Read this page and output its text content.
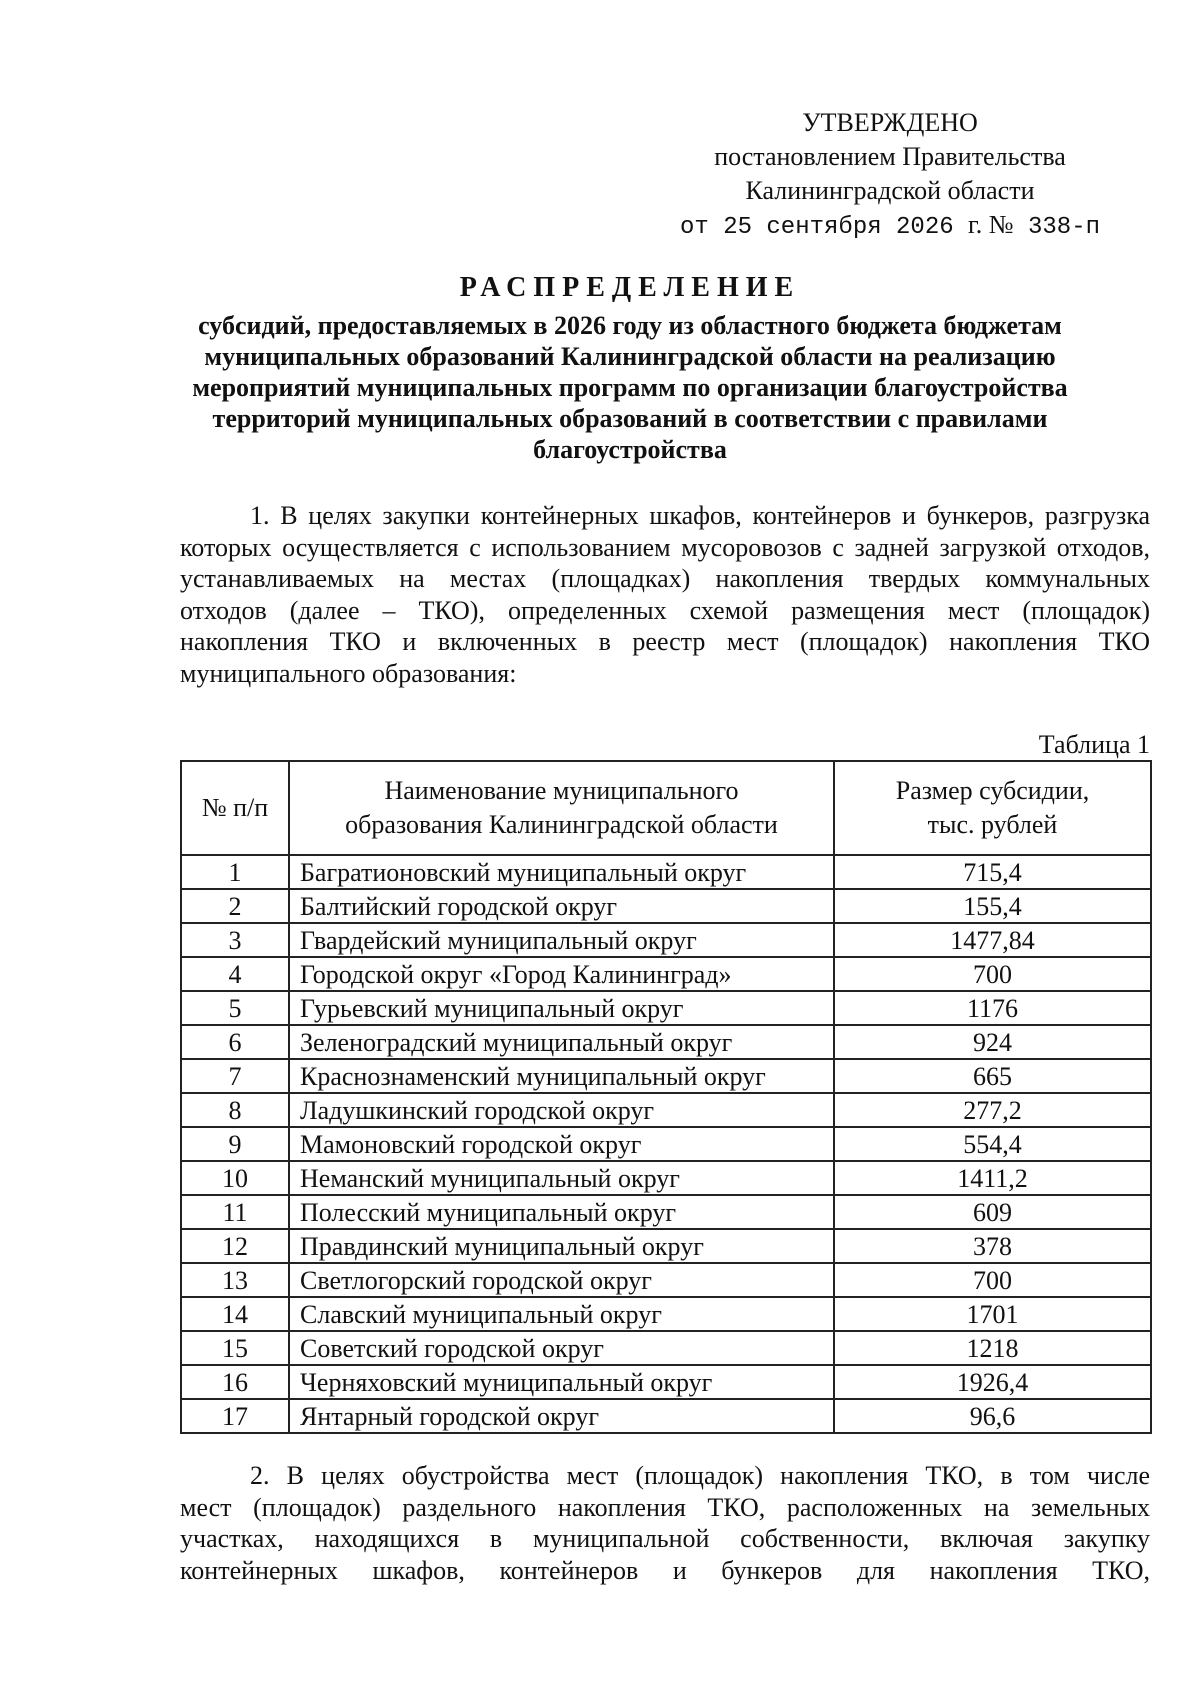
УТВЕРЖДЕНО
постановлением Правительства
Калининградской области
от 25 сентября 2026 г. № 338-п
РАСПРЕДЕЛЕНИЕ
субсидий, предоставляемых в 2026 году из областного бюджета бюджетам
муниципальных образований Калининградской области на реализацию
мероприятий муниципальных программ по организации благоустройства
территорий муниципальных образований в соответствии с правилами
благоустройства
1. В целях закупки контейнерных шкафов, контейнеров и бункеров, разгрузка
которых осуществляется с использованием мусоровозов с задней загрузкой отходов,
устанавливаемых на местах (площадках) накопления твердых коммунальных
отходов (далее – ТКО), определенных схемой размещения мест (площадок)
накопления ТКО и включенных в реестр мест (площадок) накопления ТКО
муниципального образования:
Таблица 1
№ п/п	Наименование муниципального образования Калининградской области	Размер субсидии, тыс. рублей
1	Багратионовский муниципальный округ	715,4
2	Балтийский городской округ	155,4
3	Гвардейский муниципальный округ	1477,84
4	Городской округ «Город Калининград»	700
5	Гурьевский муниципальный округ	1176
6	Зеленоградский муниципальный округ	924
7	Краснознаменский муниципальный округ	665
8	Ладушкинский городской округ	277,2
9	Мамоновский городской округ	554,4
10	Неманский муниципальный округ	1411,2
11	Полесский муниципальный округ	609
12	Правдинский муниципальный округ	378
13	Светлогорский городской округ	700
14	Славский муниципальный округ	1701
15	Советский городской округ	1218
16	Черняховский муниципальный округ	1926,4
17	Янтарный городской округ	96,6
2. В целях обустройства мест (площадок) накопления ТКО, в том числе
мест (площадок) раздельного накопления ТКО, расположенных на земельных
участках, находящихся в муниципальной собственности, включая закупку
контейнерных шкафов, контейнеров и бункеров для накопления ТКО,
